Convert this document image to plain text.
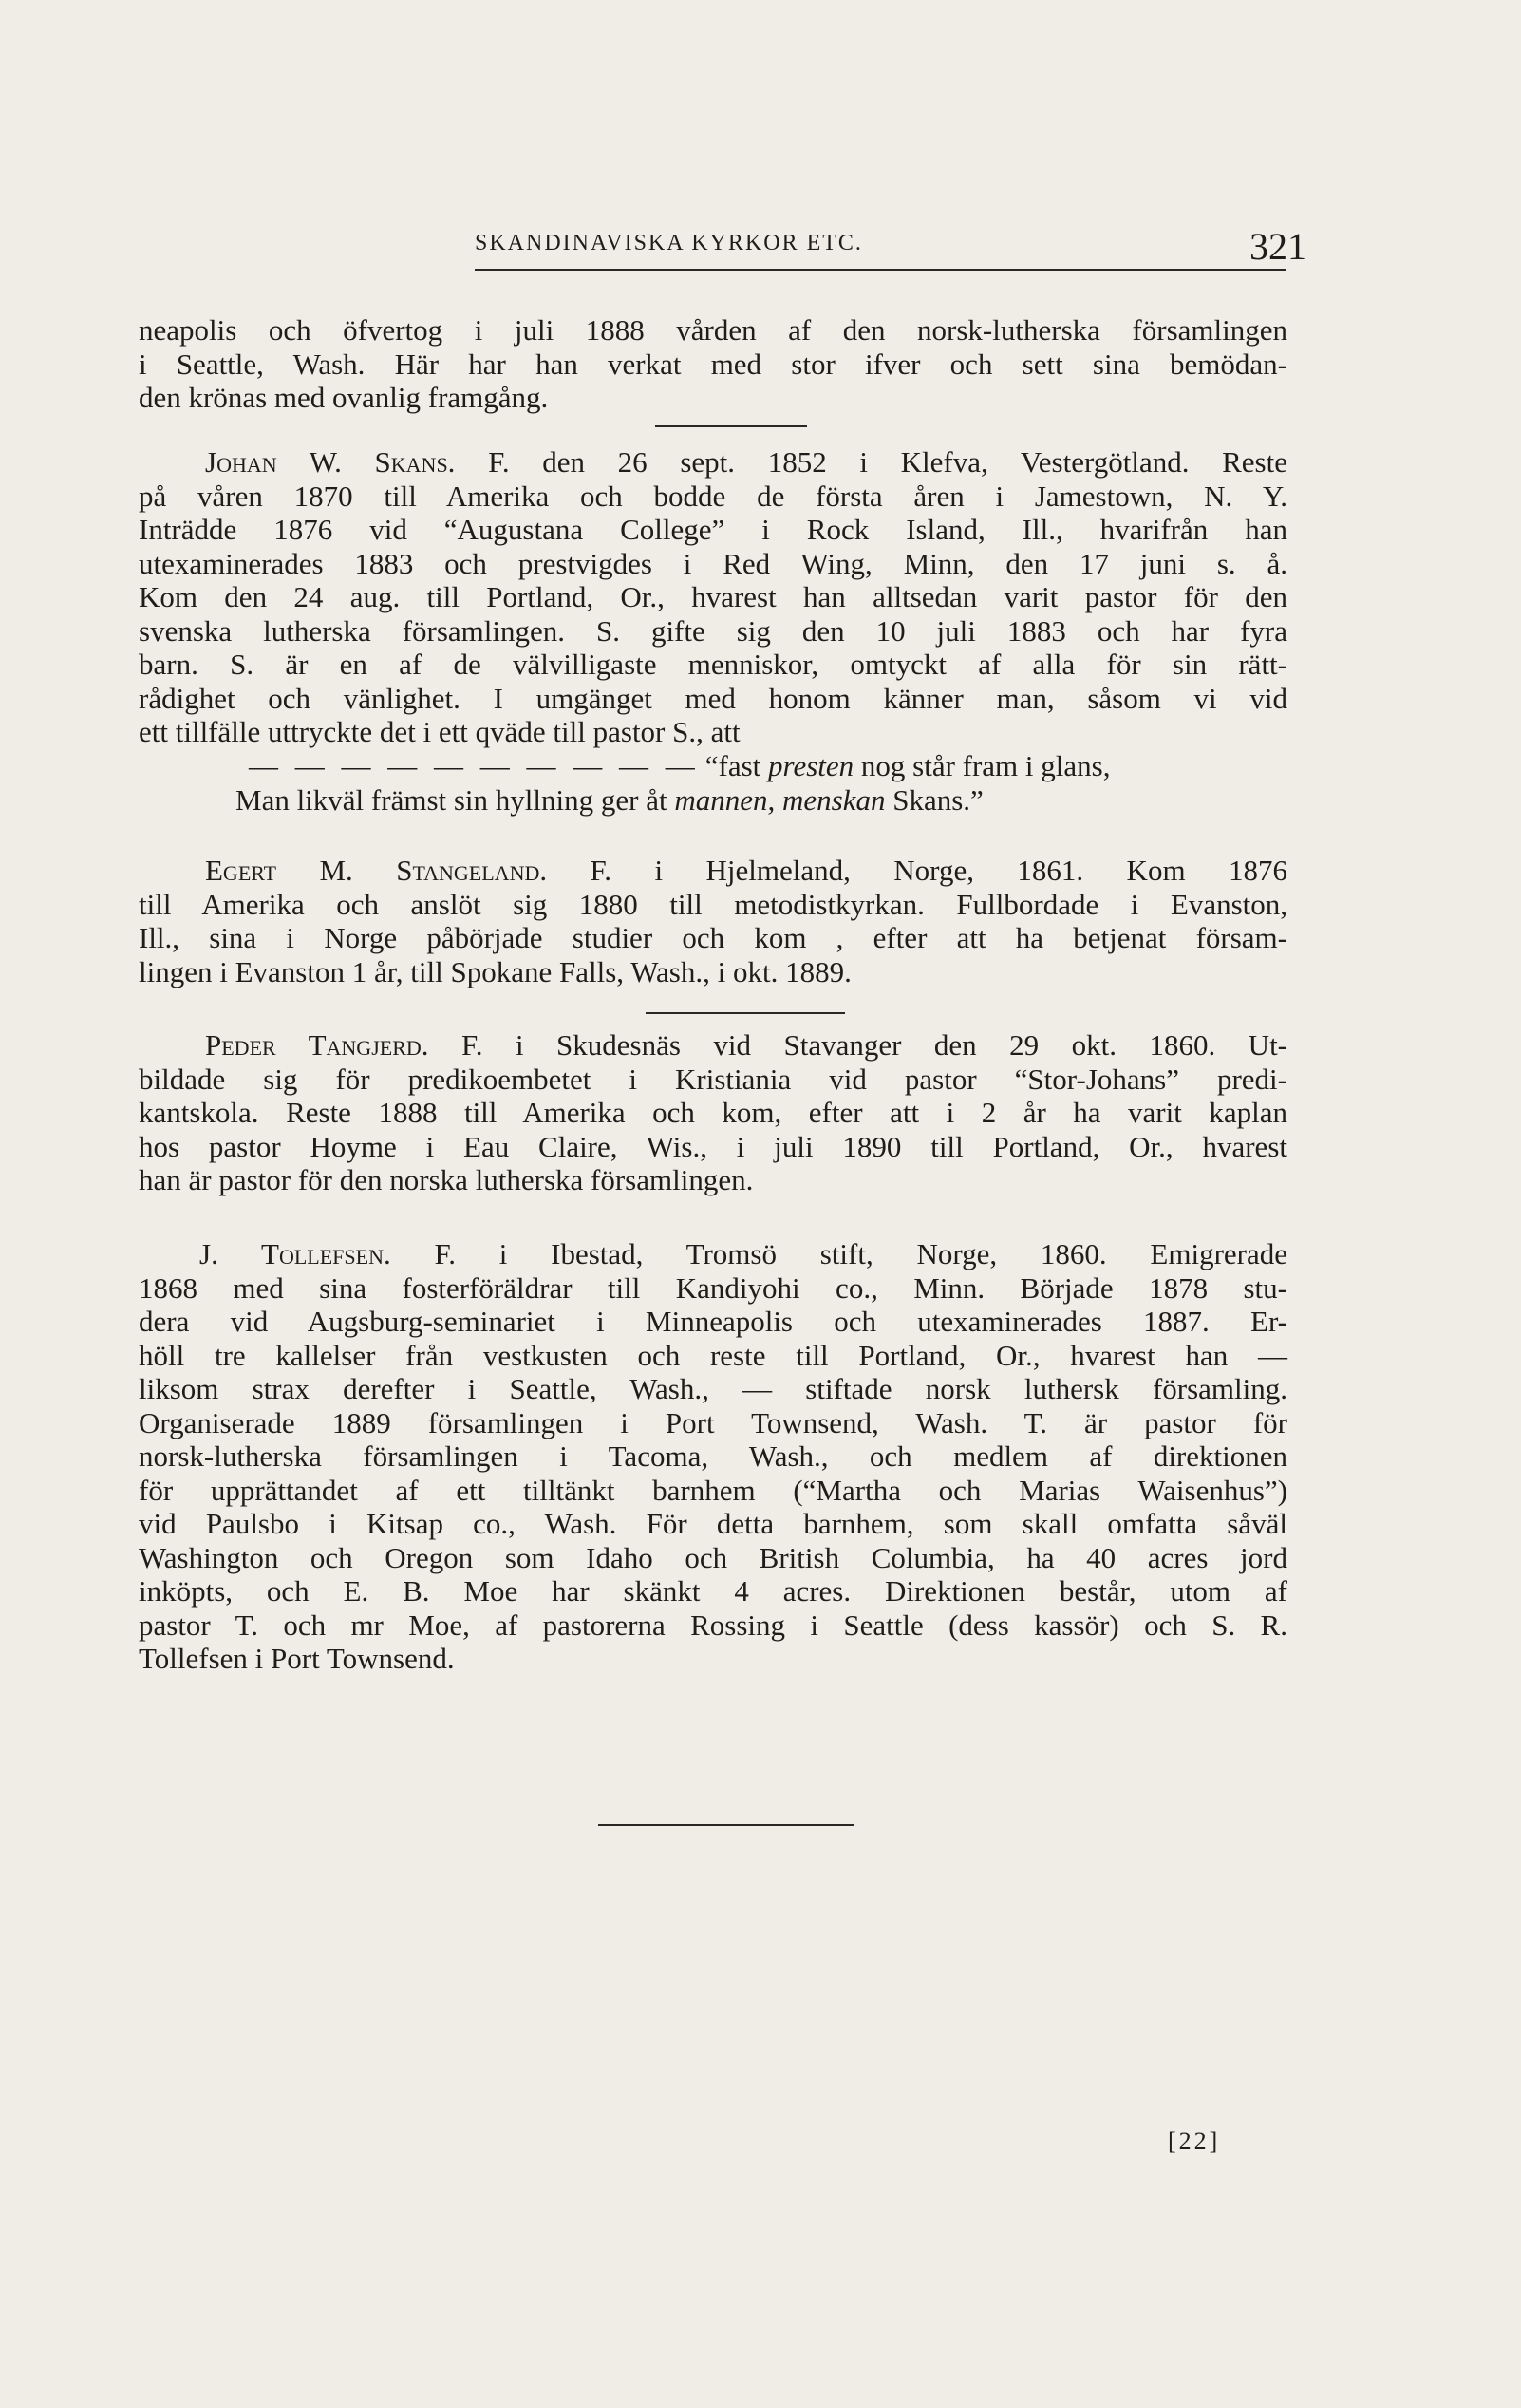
SKANDINAVISKA KYRKOR ETC.	321
neapolis och öfvertog i juli 1888 vården af den norsk-lutherska församlingen
i Seattle, Wash. Här har han verkat med stor ifver och sett sina bemödan-
den krönas med ovanlig framgång.
Johan W. Skans. F. den 26 sept. 1852 i Klefva, Vestergötland. Reste
på våren 1870 till Amerika och bodde de första åren i Jamestown, N. Y.
Inträdde 1876 vid “Augustana College” i Rock Island, Ill., hvarifrån han
utexaminerades 1883 och prestvigdes i Red Wing, Minn, den 17 juni s. å.
Kom den 24 aug. till Portland, Or., hvarest han alltsedan varit pastor för den
svenska lutherska församlingen. S. gifte sig den 10 juli 1883 och har fyra
barn. S. är en af de välvilligaste menniskor, omtyckt af alla för sin rätt-
rådighet och vänlighet. I umgänget med honom känner man, såsom vi vid
ett tillfälle uttryckte det i ett qväde till pastor S., att
— — — — — — — — — — “fast presten nog står fram i glans,
Man likväl främst sin hyllning ger åt mannen, menskan Skans.”
Egert M. Stangeland. F. i Hjelmeland, Norge, 1861. Kom 1876
till Amerika och anslöt sig 1880 till metodistkyrkan. Fullbordade i Evanston,
Ill., sina i Norge påbörjade studier och kom , efter att ha betjenat försam-
lingen i Evanston 1 år, till Spokane Falls, Wash., i okt. 1889.
Peder Tangjerd. F. i Skudesnäs vid Stavanger den 29 okt. 1860. Ut-
bildade sig för predikoembetet i Kristiania vid pastor “Stor-Johans” predi-
kantskola. Reste 1888 till Amerika och kom, efter att i 2 år ha varit kaplan
hos pastor Hoyme i Eau Claire, Wis., i juli 1890 till Portland, Or., hvarest
han är pastor för den norska lutherska församlingen.
J. Tollefsen. F. i Ibestad, Tromsö stift, Norge, 1860. Emigrerade
1868 med sina fosterföräldrar till Kandiyohi co., Minn. Började 1878 stu-
dera vid Augsburg-seminariet i Minneapolis och utexaminerades 1887. Er-
höll tre kallelser från vestkusten och reste till Portland, Or., hvarest han —
liksom strax derefter i Seattle, Wash., — stiftade norsk luthersk församling.
Organiserade 1889 församlingen i Port Townsend, Wash. T. är pastor för
norsk-lutherska församlingen i Tacoma, Wash., och medlem af direktionen
för upprättandet af ett tilltänkt barnhem (“Martha och Marias Waisenhus”)
vid Paulsbo i Kitsap co., Wash. För detta barnhem, som skall omfatta såväl
Washington och Oregon som Idaho och British Columbia, ha 40 acres jord
inköpts, och E. B. Moe har skänkt 4 acres. Direktionen består, utom af
pastor T. och mr Moe, af pastorerna Rossing i Seattle (dess kassör) och S. R.
Tollefsen i Port Townsend.
[22]
